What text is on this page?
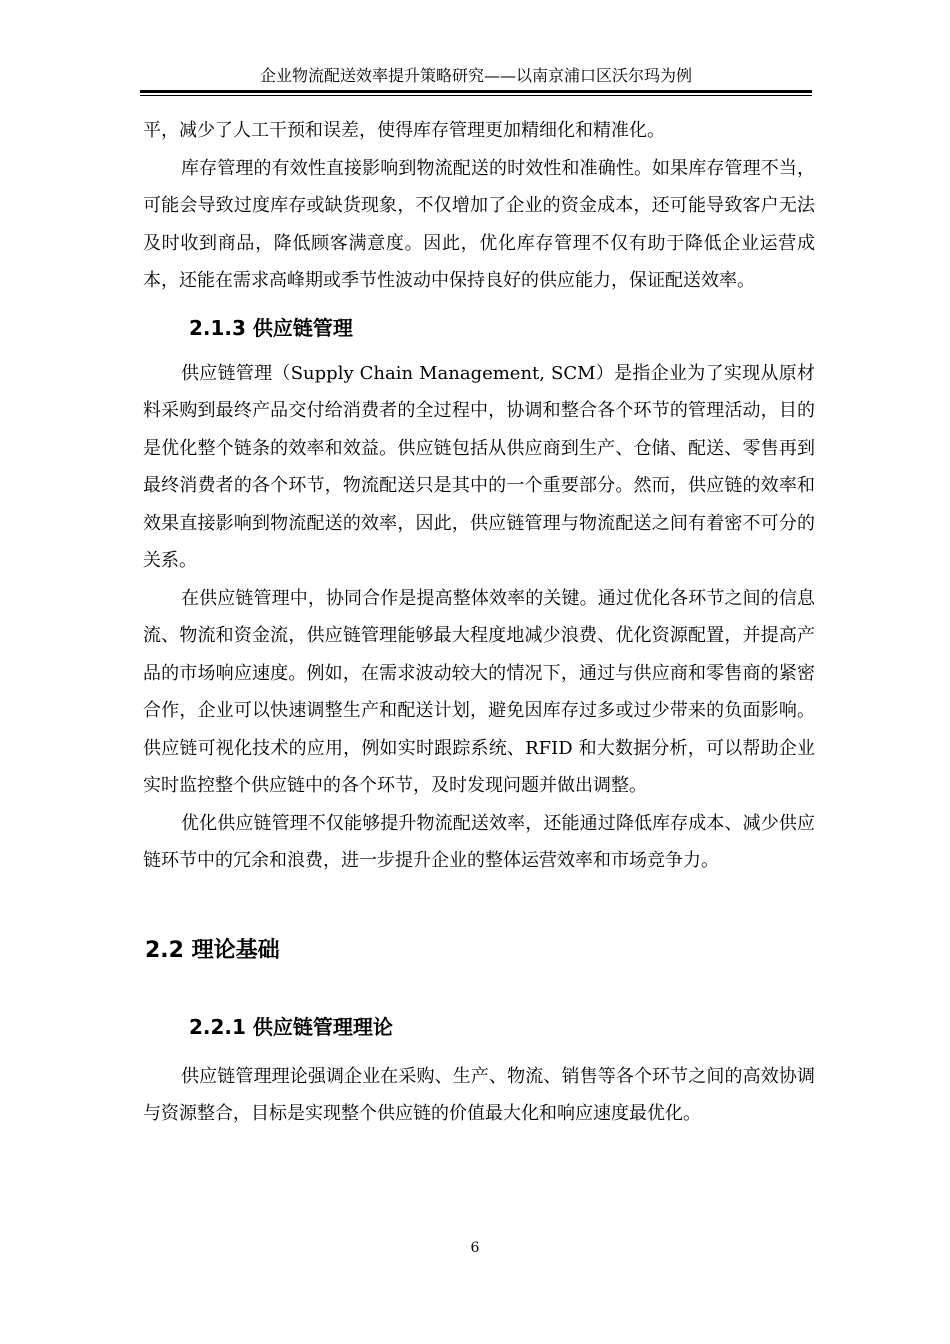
企业物流配送效率提升策略研究——以南京浦口区沃尔玛为例

平，减少了人工干预和误差，使得库存管理更加精细化和精准化。

库存管理的有效性直接影响到物流配送的时效性和准确性。如果库存管理不当，可能会导致过度库存或缺货现象，不仅增加了企业的资金成本，还可能导致客户无法及时收到商品，降低顾客满意度。因此，优化库存管理不仅有助于降低企业运营成本，还能在需求高峰期或季节性波动中保持良好的供应能力，保证配送效率。

2.1.3 供应链管理

供应链管理（Supply Chain Management, SCM）是指企业为了实现从原材料采购到最终产品交付给消费者的全过程中，协调和整合各个环节的管理活动，目的是优化整个链条的效率和效益。供应链包括从供应商到生产、仓储、配送、零售再到最终消费者的各个环节，物流配送只是其中的一个重要部分。然而，供应链的效率和效果直接影响到物流配送的效率，因此，供应链管理与物流配送之间有着密不可分的关系。

在供应链管理中，协同合作是提高整体效率的关键。通过优化各环节之间的信息流、物流和资金流，供应链管理能够最大程度地减少浪费、优化资源配置，并提高产品的市场响应速度。例如，在需求波动较大的情况下，通过与供应商和零售商的紧密合作，企业可以快速调整生产和配送计划，避免因库存过多或过少带来的负面影响。供应链可视化技术的应用，例如实时跟踪系统、RFID 和大数据分析，可以帮助企业实时监控整个供应链中的各个环节，及时发现问题并做出调整。

优化供应链管理不仅能够提升物流配送效率，还能通过降低库存成本、减少供应链环节中的冗余和浪费，进一步提升企业的整体运营效率和市场竞争力。

2.2 理论基础
2.2.1 供应链管理理论

供应链管理理论强调企业在采购、生产、物流、销售等各个环节之间的高效协调与资源整合，目标是实现整个供应链的价值最大化和响应速度最优化。

6
